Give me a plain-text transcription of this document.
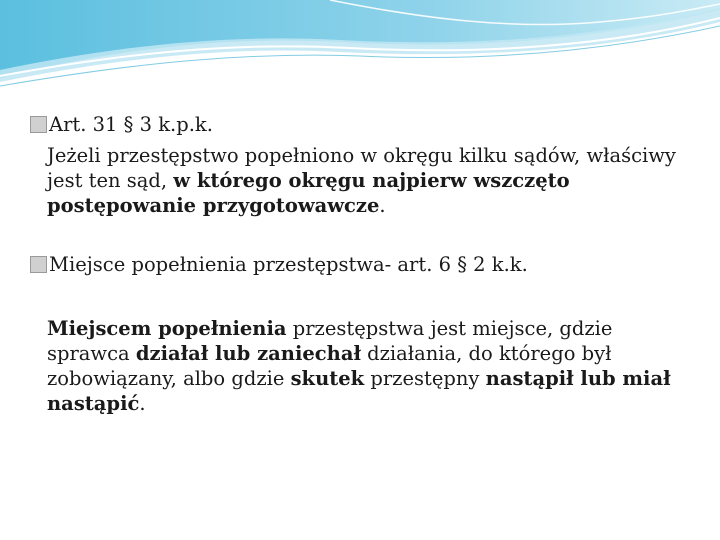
Art. 31 § 3 k.p.k.

Jeżeli przestępstwo popełniono w okręgu kilku sądów, właściwy jest ten sąd, w którego okręgu najpierw wszczęto postępowanie przygotowawcze.

Miejsce popełnienia przestępstwa- art. 6 § 2 k.k.

Miejscem popełnienia przestępstwa jest miejsce, gdzie sprawca działał lub zaniechał działania, do którego był zobowiązany, albo gdzie skutek przestępny nastąpił lub miał nastąpić.
